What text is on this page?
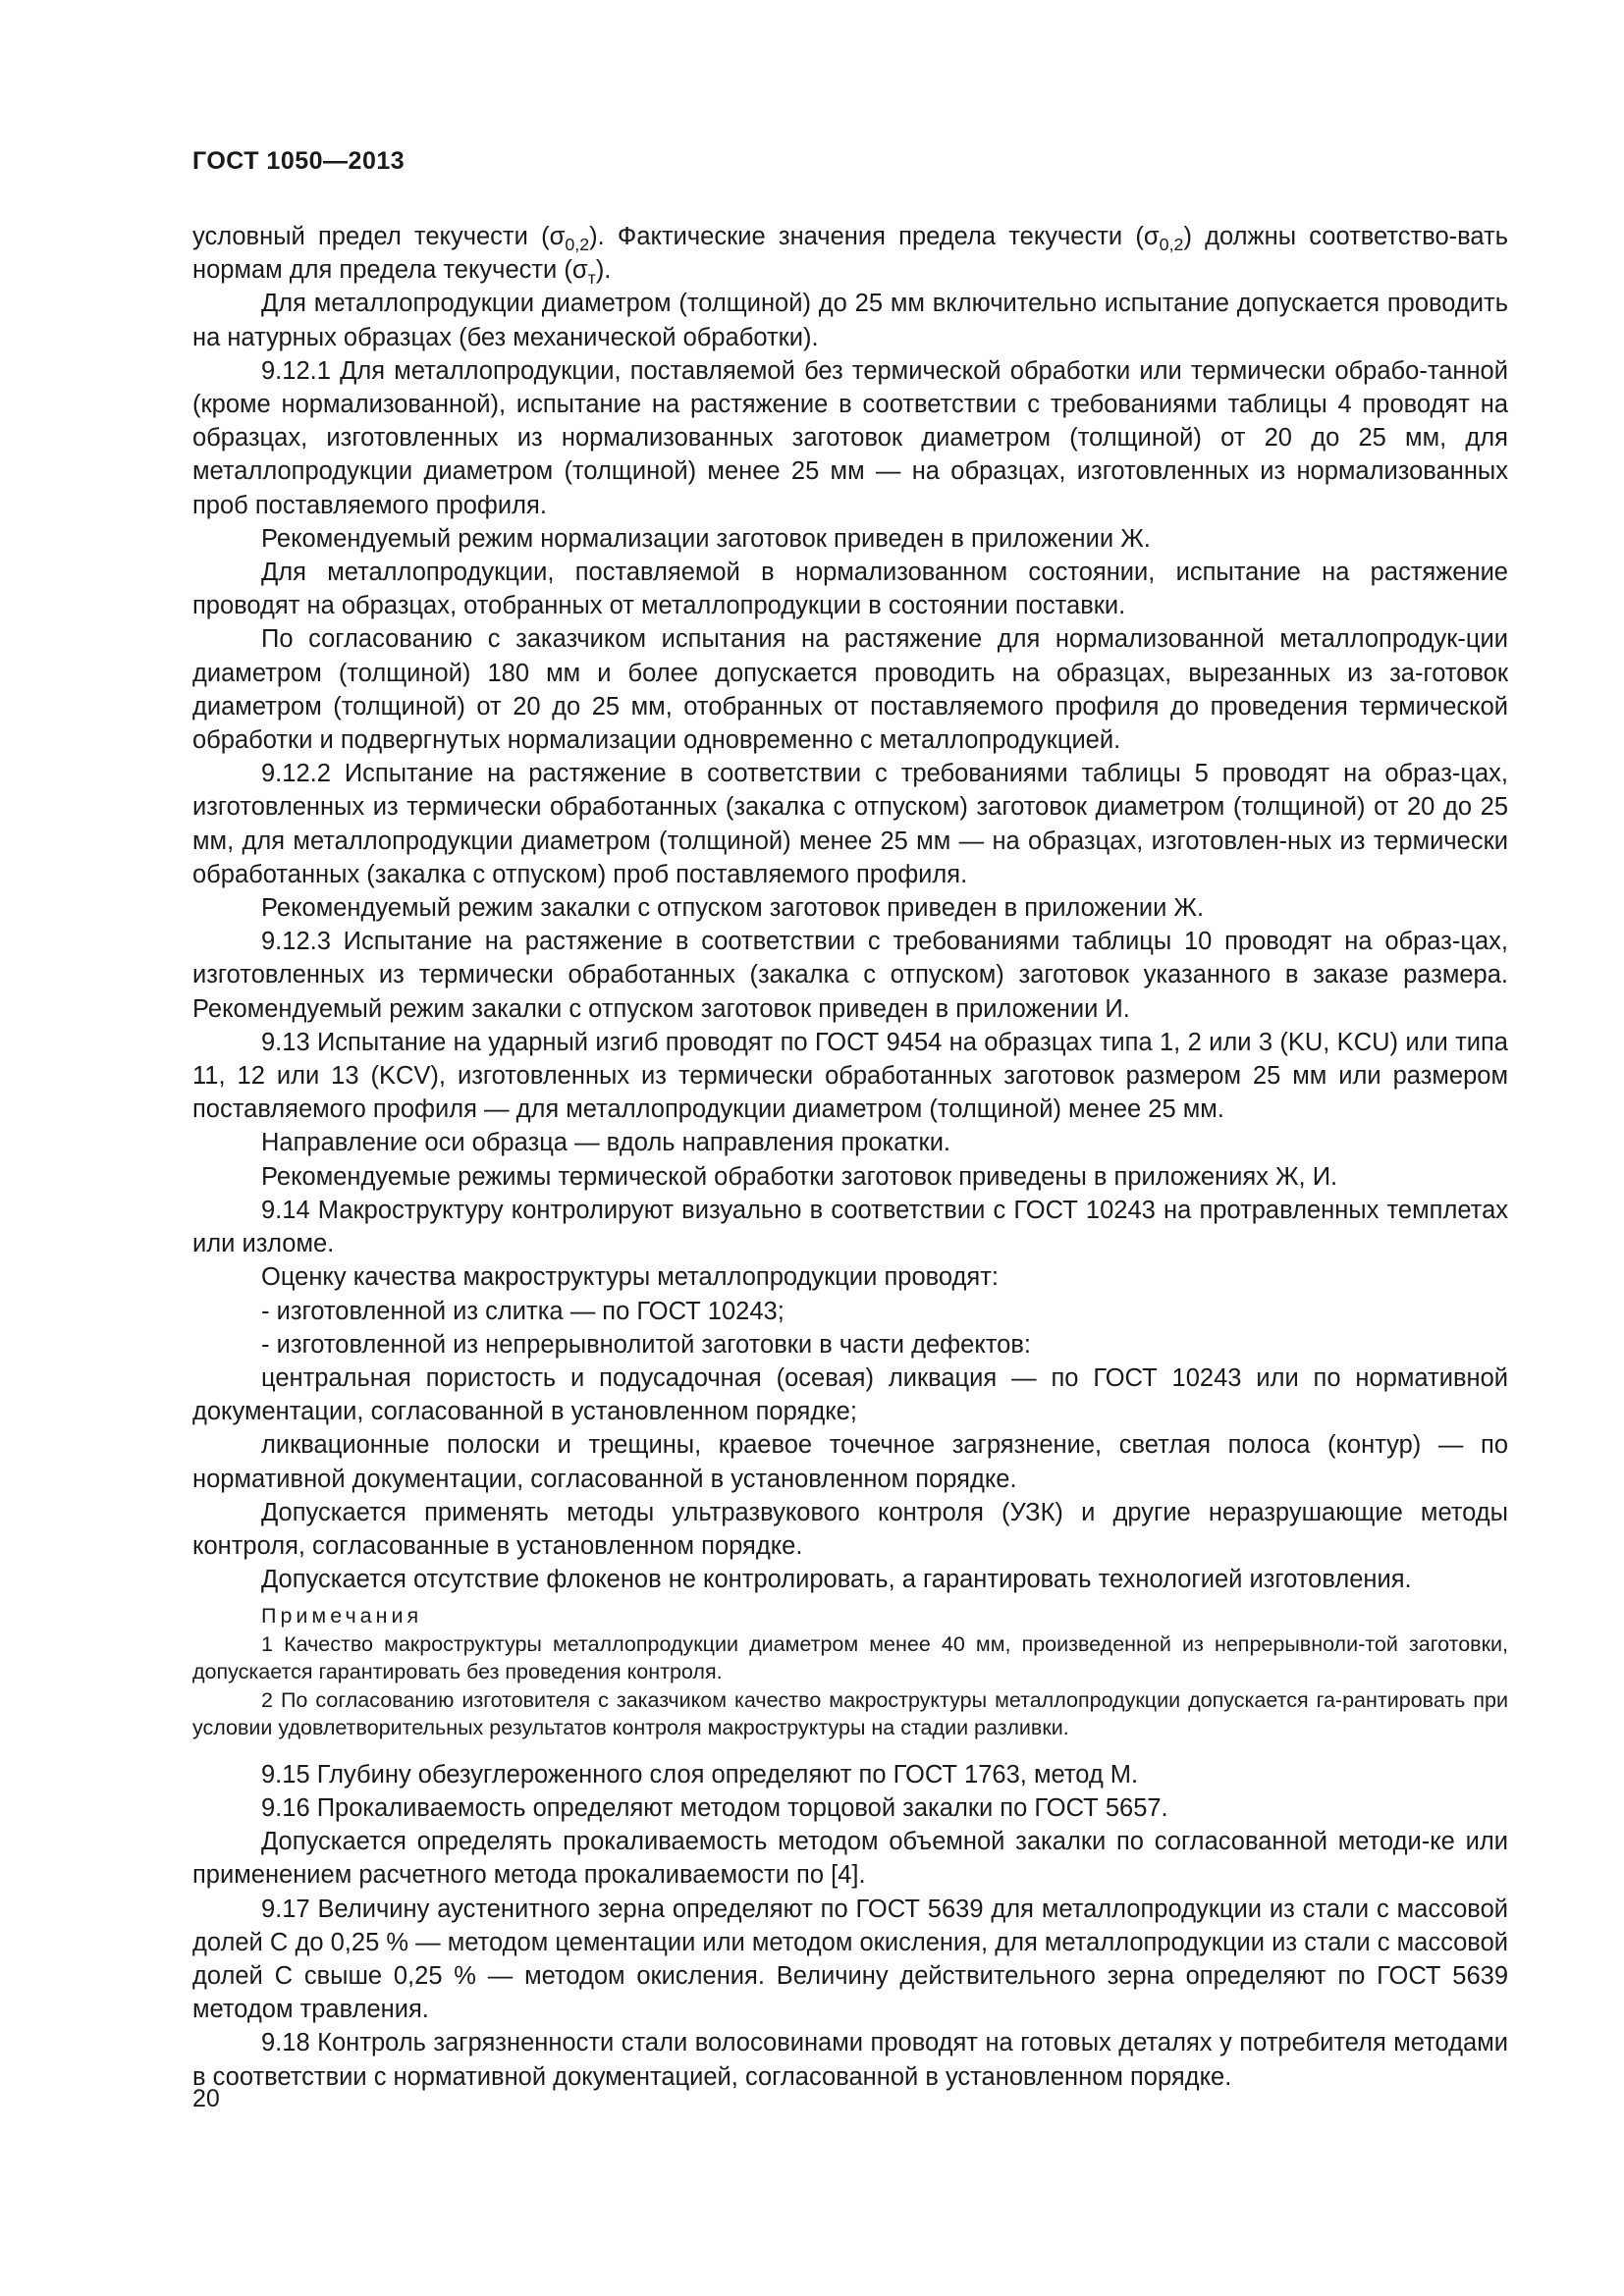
ГОСТ 1050—2013

условный предел текучести $(\sigma_{0,2})$. Фактические значения предела текучести $(\sigma_{0,2})$ должны соответство-вать нормам для предела текучести $(\sigma_т)$.

Для металлопродукции диаметром (толщиной) до 25 мм включительно испытание допускается проводить на натурных образцах (без механической обработки).

9.12.1 Для металлопродукции, поставляемой без термической обработки или термически обрабо-танной (кроме нормализованной), испытание на растяжение в соответствии с требованиями таблицы 4 проводят на образцах, изготовленных из нормализованных заготовок диаметром (толщиной) от 20 до 25 мм, для металлопродукции диаметром (толщиной) менее 25 мм — на образцах, изготовленных из нормализованных проб поставляемого профиля.

Рекомендуемый режим нормализации заготовок приведен в приложении Ж.

Для металлопродукции, поставляемой в нормализованном состоянии, испытание на растяжение проводят на образцах, отобранных от металлопродукции в состоянии поставки.

По согласованию с заказчиком испытания на растяжение для нормализованной металлопродук-ции диаметром (толщиной) 180 мм и более допускается проводить на образцах, вырезанных из за-готовок диаметром (толщиной) от 20 до 25 мм, отобранных от поставляемого профиля до проведения термической обработки и подвергнутых нормализации одновременно с металлопродукцией.

9.12.2 Испытание на растяжение в соответствии с требованиями таблицы 5 проводят на образ-цах, изготовленных из термически обработанных (закалка с отпуском) заготовок диаметром (толщиной) от 20 до 25 мм, для металлопродукции диаметром (толщиной) менее 25 мм — на образцах, изготовлен-ных из термически обработанных (закалка с отпуском) проб поставляемого профиля.

Рекомендуемый режим закалки с отпуском заготовок приведен в приложении Ж.

9.12.3 Испытание на растяжение в соответствии с требованиями таблицы 10 проводят на образ-цах, изготовленных из термически обработанных (закалка с отпуском) заготовок указанного в заказе размера. Рекомендуемый режим закалки с отпуском заготовок приведен в приложении И.

9.13 Испытание на ударный изгиб проводят по ГОСТ 9454 на образцах типа 1, 2 или 3 (KU, KCU) или типа 11, 12 или 13 (KCV), изготовленных из термически обработанных заготовок размером 25 мм или размером поставляемого профиля — для металлопродукции диаметром (толщиной) менее 25 мм.

Направление оси образца — вдоль направления прокатки.

Рекомендуемые режимы термической обработки заготовок приведены в приложениях Ж, И.

9.14 Макроструктуру контролируют визуально в соответствии с ГОСТ 10243 на протравленных темплетах или изломе.

Оценку качества макроструктуры металлопродукции проводят:

- изготовленной из слитка — по ГОСТ 10243;

- изготовленной из непрерывнолитой заготовки в части дефектов:

центральная пористость и подусадочная (осевая) ликвация — по ГОСТ 10243 или по нормативной документации, согласованной в установленном порядке;

ликвационные полоски и трещины, краевое точечное загрязнение, светлая полоса (контур) — по нормативной документации, согласованной в установленном порядке.

Допускается применять методы ультразвукового контроля (УЗК) и другие неразрушающие методы контроля, согласованные в установленном порядке.

Допускается отсутствие флокенов не контролировать, а гарантировать технологией изготовления.

Примечания

1 Качество макроструктуры металлопродукции диаметром менее 40 мм, произведенной из непрерывноли-той заготовки, допускается гарантировать без проведения контроля.

2 По согласованию изготовителя с заказчиком качество макроструктуры металлопродукции допускается га-рантировать при условии удовлетворительных результатов контроля макроструктуры на стадии разливки.

9.15 Глубину обезуглероженного слоя определяют по ГОСТ 1763, метод М.

9.16 Прокаливаемость определяют методом торцовой закалки по ГОСТ 5657.

Допускается определять прокаливаемость методом объемной закалки по согласованной методи-ке или применением расчетного метода прокаливаемости по [4].

9.17 Величину аустенитного зерна определяют по ГОСТ 5639 для металлопродукции из стали с массовой долей С до 0,25 % — методом цементации или методом окисления, для металлопродукции из стали с массовой долей С свыше 0,25 % — методом окисления. Величину действительного зерна определяют по ГОСТ 5639 методом травления.

9.18 Контроль загрязненности стали волосовинами проводят на готовых деталях у потребителя методами в соответствии с нормативной документацией, согласованной в установленном порядке.

20
